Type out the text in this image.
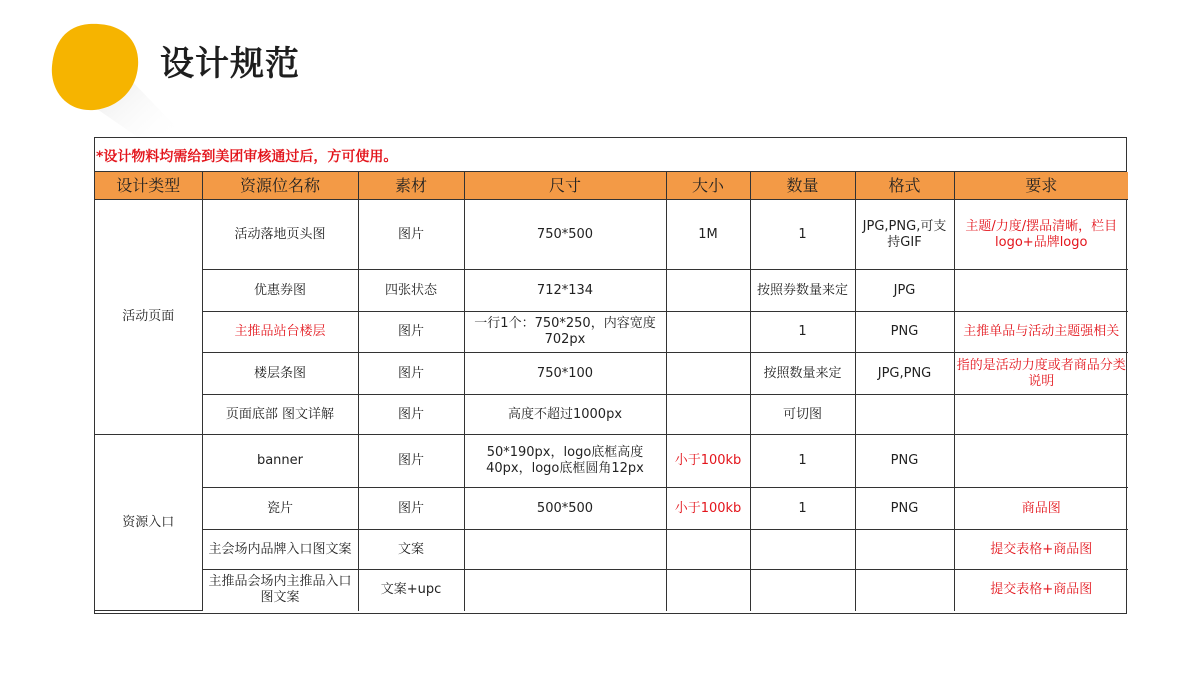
设计规范
*设计物料均需给到美团审核通过后，方可使用。
设计类型	资源位名称	素材	尺寸	大小	数量	格式	要求
活动页面	活动落地页头图	图片	750*500	1M	1	JPG,PNG,可支持GIF	主题/力度/摆品清晰，栏目logo+品牌logo
	优惠券图	四张状态	712*134		按照券数量来定	JPG	
	主推品站台楼层	图片	一行1个：750*250，内容宽度702px		1	PNG	主推单品与活动主题强相关
	楼层条图	图片	750*100		按照数量来定	JPG,PNG	指的是活动力度或者商品分类说明
	页面底部 图文详解	图片	高度不超过1000px		可切图		
资源入口	banner	图片	50*190px，logo底框高度40px，logo底框圆角12px	小于100kb	1	PNG	
	瓷片	图片	500*500	小于100kb	1	PNG	商品图
	主会场内品牌入口图文案	文案					提交表格+商品图
	主推品会场内主推品入口图文案	文案+upc					提交表格+商品图
